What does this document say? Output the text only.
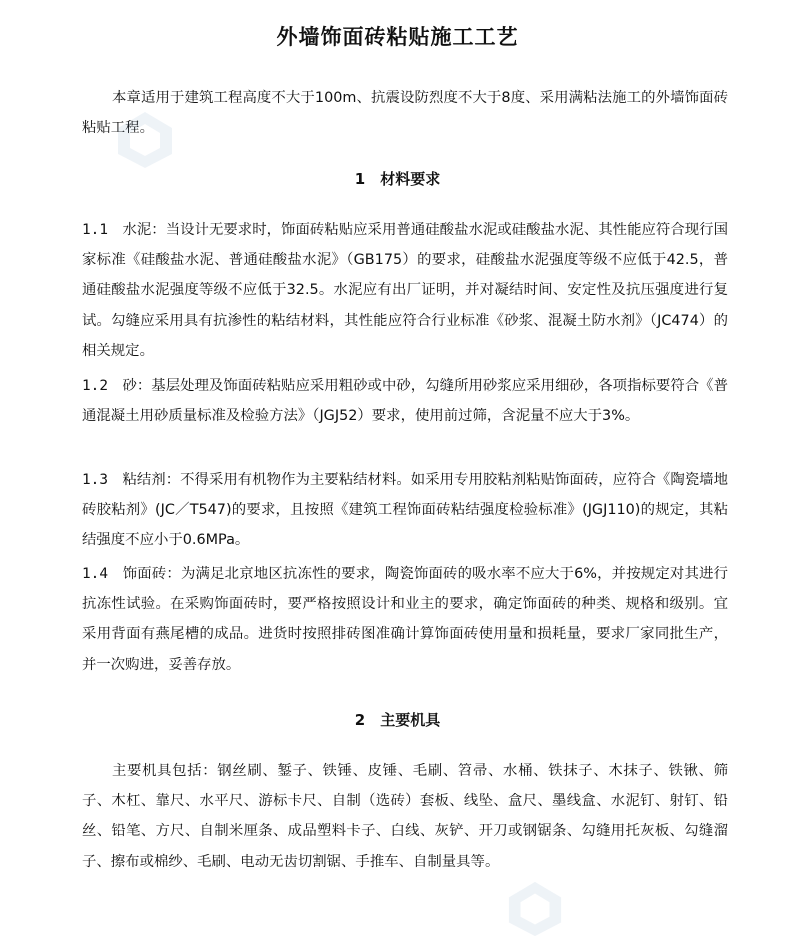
外墙饰面砖粘贴施工工艺

本章适用于建筑工程高度不大于100m、抗震设防烈度不大于8度、采用满粘法施工的外墙饰面砖粘贴工程。

1　材料要求

1.1　 水泥：当设计无要求时，饰面砖粘贴应采用普通硅酸盐水泥或硅酸盐水泥、其性能应符合现行国家标准《硅酸盐水泥、普通硅酸盐水泥》（GB175）的要求，硅酸盐水泥强度等级不应低于42.5，普通硅酸盐水泥强度等级不应低于32.5。水泥应有出厂证明，并对凝结时间、安定性及抗压强度进行复试。勾缝应采用具有抗渗性的粘结材料，其性能应符合行业标准《砂浆、混凝土防水剂》（JC474）的相关规定。

1.2　 砂：基层处理及饰面砖粘贴应采用粗砂或中砂，勾缝所用砂浆应采用细砂，各项指标要符合《普通混凝土用砂质量标准及检验方法》（JGJ52）要求，使用前过筛，含泥量不应大于3%。

1.3　 粘结剂：不得采用有机物作为主要粘结材料。如采用专用胶粘剂粘贴饰面砖，应符合《陶瓷墙地砖胶粘剂》(JC／T547)的要求，且按照《建筑工程饰面砖粘结强度检验标准》(JGJ110)的规定，其粘结强度不应小于0.6MPa。

1.4　 饰面砖：为满足北京地区抗冻性的要求，陶瓷饰面砖的吸水率不应大于6%，并按规定对其进行抗冻性试验。在采购饰面砖时，要严格按照设计和业主的要求，确定饰面砖的种类、规格和级别。宜采用背面有燕尾槽的成品。进货时按照排砖图准确计算饰面砖使用量和损耗量，要求厂家同批生产，并一次购进，妥善存放。

2　主要机具

主要机具包括：钢丝刷、錾子、铁锤、皮锤、毛刷、笤帚、水桶、铁抹子、木抹子、铁锹、筛子、木杠、靠尺、水平尺、游标卡尺、自制（选砖）套板、线坠、盒尺、墨线盒、水泥钉、射钉、铅丝、铅笔、方尺、自制米厘条、成品塑料卡子、白线、灰铲、开刀或钢锯条、勾缝用托灰板、勾缝溜子、擦布或棉纱、毛刷、电动无齿切割锯、手推车、自制量具等。
